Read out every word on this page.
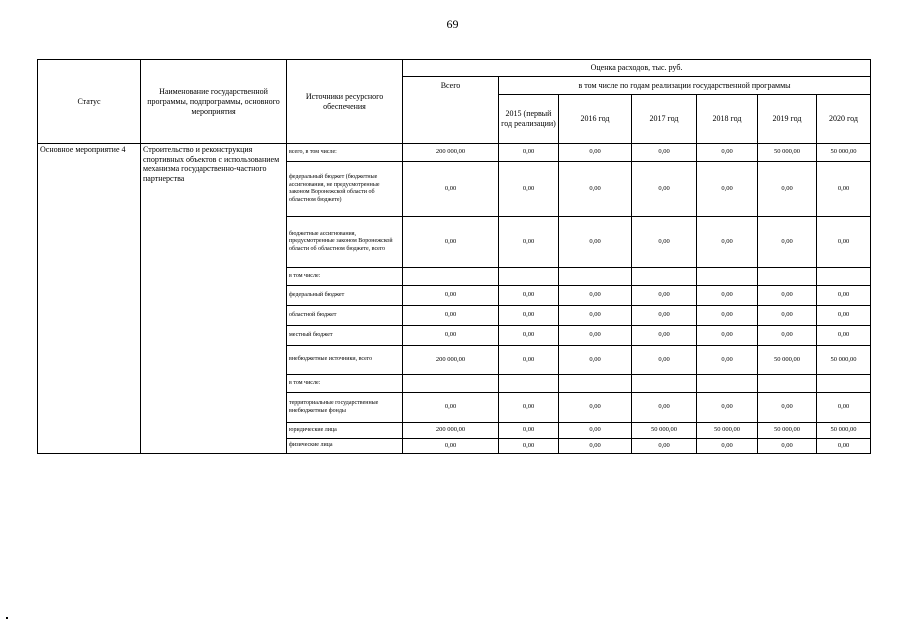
69
Статус	Наименование государственной программы, подпрограммы, основного мероприятия	Источники ресурсного обеспечения	Оценка расходов, тыс. руб.						
			Всего	в том числе по годам реализации государственной программы					
				2015 (первый год реализации)	2016 год	2017 год	2018 год	2019 год	2020 год
Основное мероприятие 4	Строительство и реконструкция спортивных объектов с использованием механизма государственно-частного партнерства	всего, в том числе:	200 000,00	0,00	0,00	0,00	0,00	50 000,00	50 000,00
		федеральный бюджет (бюджетные ассигнования, не предусмотренные законом Воронежской области об областном бюджете)	0,00	0,00	0,00	0,00	0,00	0,00	0,00
		бюджетные ассигнования, предусмотренные законом Воронежской области об областном бюджете, всего	0,00	0,00	0,00	0,00	0,00	0,00	0,00
		в том числе:							
		федеральный бюджет	0,00	0,00	0,00	0,00	0,00	0,00	0,00
		областной бюджет	0,00	0,00	0,00	0,00	0,00	0,00	0,00
		местный бюджет	0,00	0,00	0,00	0,00	0,00	0,00	0,00
		внебюджетные источники, всего	200 000,00	0,00	0,00	0,00	0,00	50 000,00	50 000,00
		в том числе:							
		территориальные государственные внебюджетные фонды	0,00	0,00	0,00	0,00	0,00	0,00	0,00
		юридические лица	200 000,00	0,00	0,00	50 000,00	50 000,00	50 000,00	50 000,00
		физические лица	0,00	0,00	0,00	0,00	0,00	0,00	0,00
